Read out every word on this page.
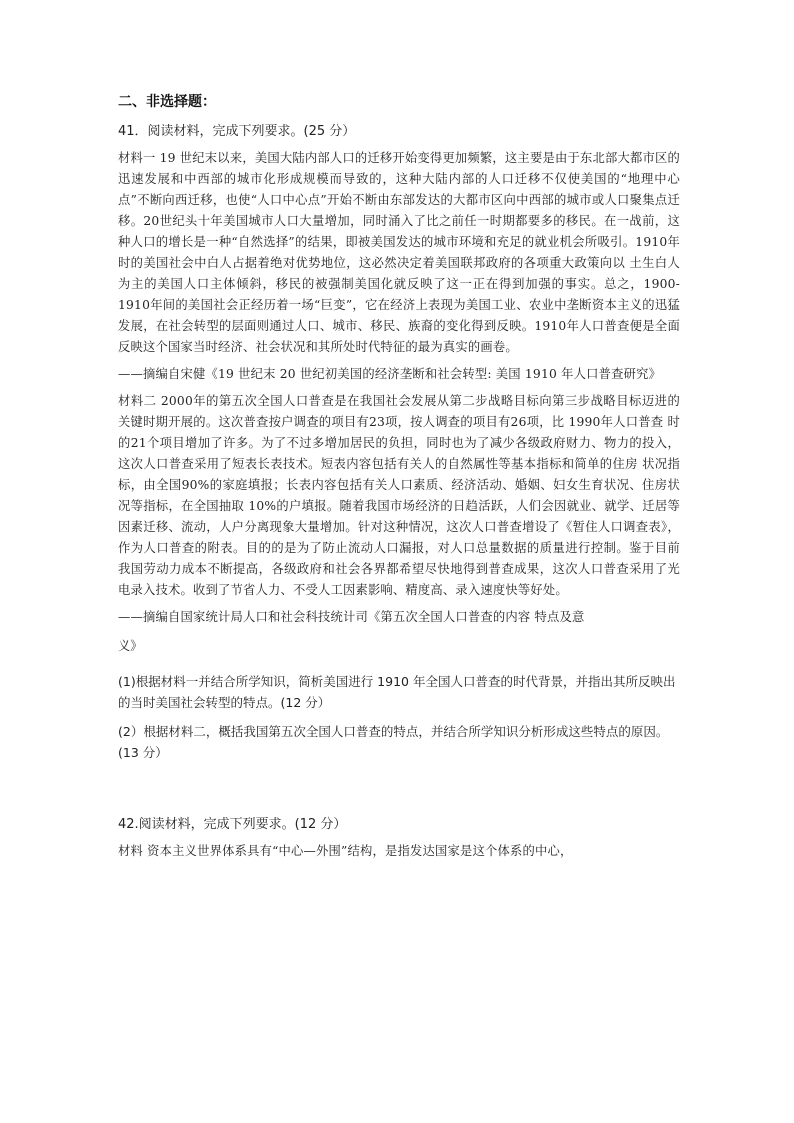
二、非选择题：
41．阅读材料，完成下列要求。(25 分）
材料一 19 世纪末以来，美国大陆内部人口的迁移开始变得更加频繁，这主要是由于东北部大都市区的 迅速发展和中西部的城市化形成规模而导致的，这种大陆内部的人口迁移不仅使美国的“地理中心点”不断向西迁移，也使“人口中心点”开始不断由东部发达的大都市区向中西部的城市或人口聚集点迁移。20世纪头十年美国城市人口大量增加，同时涌入了比之前任一时期都要多的移民。在一战前，这种人口的增长是一种“自然选择”的结果，即被美国发达的城市环境和充足的就业机会所吸引。1910年时的美国社会中白人占据着绝对优势地位，这必然决定着美国联邦政府的各项重大政策向以 土生白人为主的美国人口主体倾斜，移民的被强制美国化就反映了这一正在得到加强的事实。总之，1900-1910年间的美国社会正经历着一场“巨变”，它在经济上表现为美国工业、农业中垄断资本主义的迅猛发展，在社会转型的层面则通过人口、城市、移民、族裔的变化得到反映。1910年人口普查便是全面反映这个国家当时经济、社会状况和其所处时代特征的最为真实的画卷。
——摘编自宋健《19 世纪末 20 世纪初美国的经济垄断和社会转型: 美国 1910 年人口普查研究》
材料二 2000年的第五次全国人口普查是在我国社会发展从第二步战略目标向第三步战略目标迈进的 关键时期开展的。这次普查按户调查的项目有23项，按人调查的项目有26项，比 1990年人口普查 时的21个项目增加了许多。为了不过多增加居民的负担，同时也为了减少各级政府财力、物力的投入，这次人口普查采用了短表长表技术。短表内容包括有关人的自然属性等基本指标和简单的住房 状况指标，由全国90%的家庭填报；长表内容包括有关人口素质、经济活动、婚姻、妇女生育状况、住房状况等指标，在全国抽取 10%的户填报。随着我国市场经济的日趋活跃，人们会因就业、就学、迁居等因素迁移、流动，人户分离现象大量增加。针对这种情况，这次人口普查增设了《暂住人口调查表》，作为人口普查的附表。目的的是为了防止流动人口漏报，对人口总量数据的质量进行控制。鉴于目前我国劳动力成本不断提高，各级政府和社会各界都希望尽快地得到普查成果，这次人口普查采用了光电录入技术。收到了节省人力、不受人工因素影响、精度高、录入速度快等好处。
——摘编自国家统计局人口和社会科技统计司《第五次全国人口普查的内容 特点及意
义》
(1)根据材料一并结合所学知识，简析美国进行 1910 年全国人口普查的时代背景，并指出其所反映出 的当时美国社会转型的特点。(12 分）
(2）根据材料二，概括我国第五次全国人口普查的特点，并结合所学知识分析形成这些特点的原因。 (13 分）
42.阅读材料，完成下列要求。(12 分）
材料 资本主义世界体系具有“中心—外围”结构，是指发达国家是这个体系的中心，
